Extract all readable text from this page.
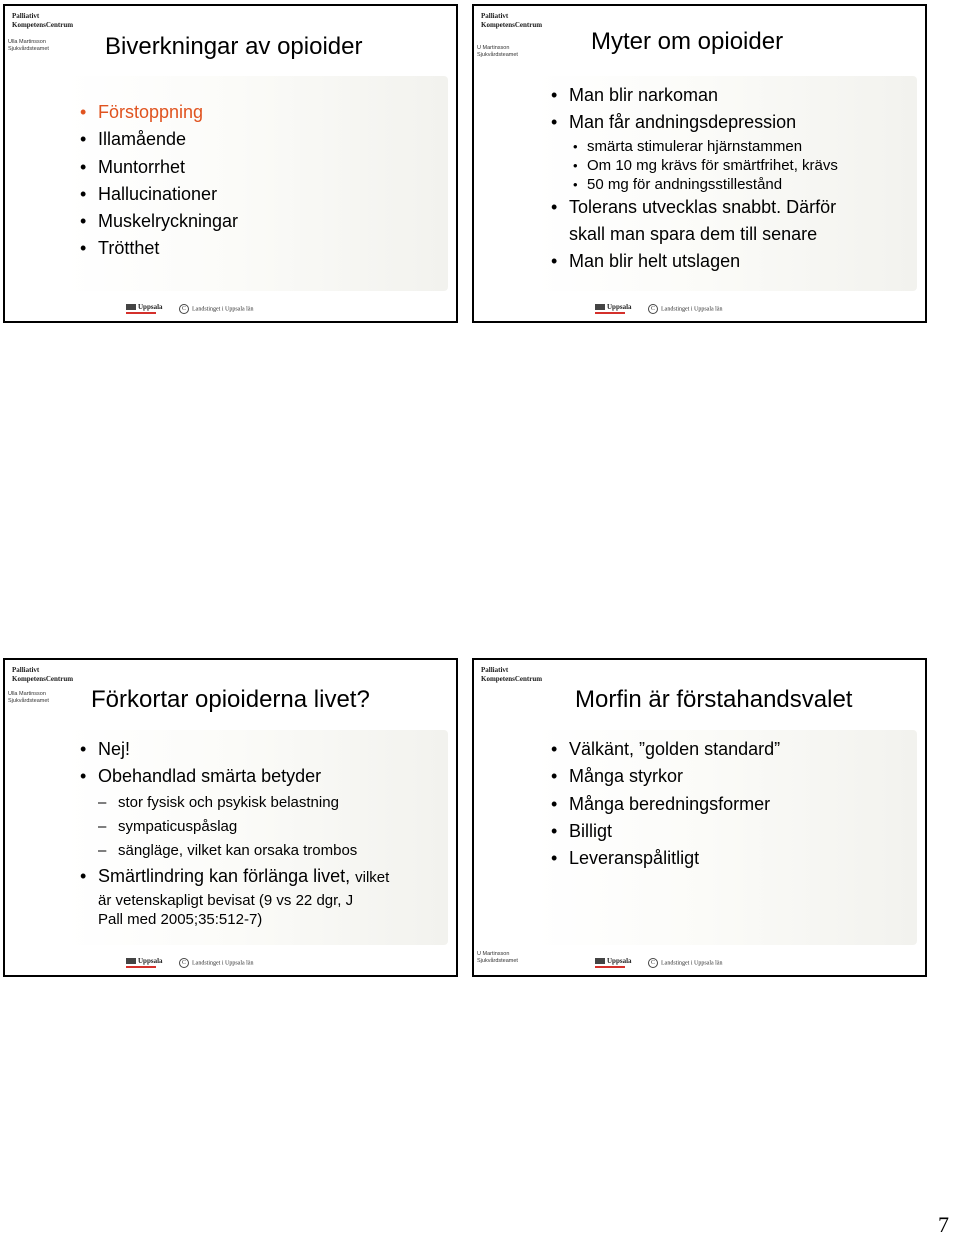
Palliativt
KompetensCentrum
Ulla Martinsson
Sjukvårdsteamet Biverkningar av opioider
• Förstoppning
• Illamående
• Muntorrhet
• Hallucinationer
• Muskelryckningar
• Trötthet
Uppsala	C Landstinget i Uppsala län
Palliativt
KompetensCentrum
U Martinsson
Sjukvårdsteamet	Myter om opioider
• Man blir narkoman
• Man får andningsdepression
• smärta stimulerar hjärnstammen
• Om 10 mg krävs för smärtfrihet, krävs
• 50 mg för andningsstillestånd
• Tolerans utvecklas snabbt. Därför
skall man spara dem till senare
• Man blir helt utslagen
Uppsala	C Landstinget i Uppsala län
Palliativt
KompetensCentrum
Ulla Martinsson
Sjukvårdsteamet Förkortar opioiderna livet?
• Nej!
• Obehandlad smärta betyder
– stor fysisk och psykisk belastning
– sympaticuspåslag
– sängläge, vilket kan orsaka trombos
• Smärtlindring kan förlänga livet, vilket
är vetenskapligt bevisat (9 vs 22 dgr, J
Pall med 2005;35:512-7)
Uppsala	C Landstinget i Uppsala län
Palliativt
KompetensCentrum
Morfin är förstahandsvalet
• Välkänt, ”golden standard”
• Många styrkor
• Många beredningsformer
• Billigt
• Leveranspålitligt
U Martinsson
Sjukvårdsteamet	Uppsala	C Landstinget i Uppsala län
7
